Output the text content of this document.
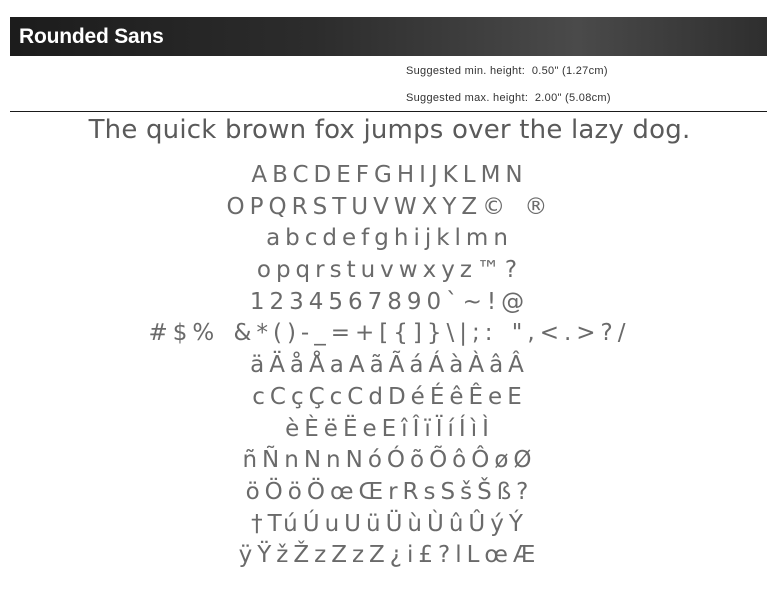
Rounded Sans
Suggested min. height:  0.50" (1.27cm)
Suggested max. height:  2.00" (5.08cm)
The quick brown fox jumps over the lazy dog.
ABCDEFGHIJKLMN
OPQRSTUVWXYZ© ®
abcdefghijklmn
opqrstuvwxyz™?
1234567890`~!@
#$% &*()-_=+[{]}\|;: ",<.>?/
äÄåÅaAãÃáÁàÀâÂ
cCçÇcCdDéÉêÊeE
èÈëËeEîÎïÏíÍìÌ
ñÑnNnNóÓõÕôÔøØ
öÖöÖœŒrRsSšŠß?
†TúÚuUüÜùÙûÛýÝ
ÿŸžŽzZzZ¿i£?lLœÆ
